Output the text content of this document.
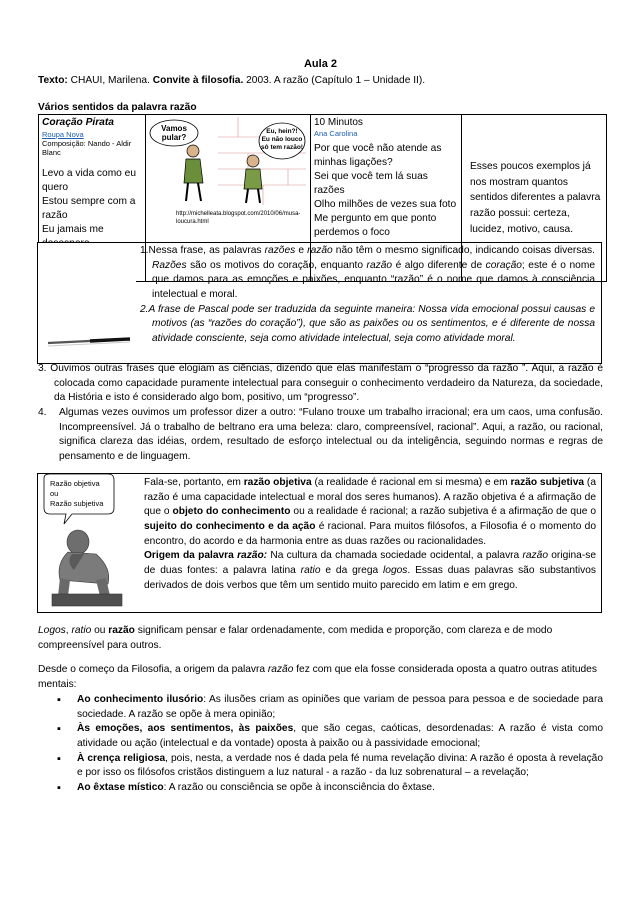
Aula 2
Texto: CHAUI, Marilena. Convite à filosofia. 2003. A razão (Capítulo 1 – Unidade II).
Vários sentidos da palavra razão
Coração Pirata
Roupa Nova
Composição: Nando - Aldir Blanc
Levo a vida como eu quero
Estou sempre com a razão
Eu jamais me

Vamos
pular?
Eu, hein?!
Eu não louco
sô tem razão!
http://michelleata.blogspot.com/2010/06/musa-loucura.html

10 Minutos
Ana Carolina
Por que você não atende as minhas ligações?
Sei que você tem lá suas razões
Olho milhões de vezes sua foto
Me pergunto em que ponto perdemos o foco

Esses poucos exemplos já nos mostram quantos sentidos diferentes a palavra razão possui: certeza, lucidez, motivo, causa.
1.Nessa frase, as palavras razões e razão não têm o mesmo significado, indicando coisas diversas. Razões são os motivos do coração, enquanto razão é algo diferente de coração; este é o nome que damos para as emoções e paixões, enquanto “razão” é o nome que damos à consciência intelectual e moral.
2.A frase de Pascal pode ser traduzida da seguinte maneira: Nossa vida emocional possui causas e motivos (as “razões do coração”), que são as paixões ou os sentimentos, e é diferente de nossa atividade consciente, seja como atividade intelectual, seja como atividade moral.
3. Ouvimos outras frases que elogiam as ciências, dizendo que elas manifestam o “progresso da razão ”. Aqui, a razão é colocada como capacidade puramente intelectual para conseguir o conhecimento verdadeiro da Natureza, da sociedade, da História e isto é considerado algo bom, positivo, um “progresso”.
4. Algumas vezes ouvimos um professor dizer a outro: “Fulano trouxe um trabalho irracional; era um caos, uma confusão. Incompreensível. Já o trabalho de beltrano era uma beleza: claro, compreensível, racional”. Aqui, a razão, ou racional, significa clareza das idéias, ordem, resultado de esforço intelectual ou da inteligência, seguindo normas e regras de pensamento e de linguagem.
Razão objetiva
ou
Razão subjetiva
Fala-se, portanto, em razão objetiva (a realidade é racional em si mesma) e em razão subjetiva (a razão é uma capacidade intelectual e moral dos seres humanos). A razão objetiva é a afirmação de que o objeto do conhecimento ou a realidade é racional; a razão subjetiva é a afirmação de que o sujeito do conhecimento e da ação é racional. Para muitos filósofos, a Filosofia é o momento do encontro, do acordo e da harmonia entre as duas razões ou racionalidades.
Origem da palavra razão: Na cultura da chamada sociedade ocidental, a palavra razão origina-se de duas fontes: a palavra latina ratio e da grega logos. Essas duas palavras são substantivos derivados de dois verbos que têm um sentido muito parecido em latim e em grego.
Logos, ratio ou razão significam pensar e falar ordenadamente, com medida e proporção, com clareza e de modo compreensível para outros.
Desde o começo da Filosofia, a origem da palavra razão fez com que ela fosse considerada oposta a quatro outras atitudes mentais:
▪ Ao conhecimento ilusório: As ilusões criam as opiniões que variam de pessoa para pessoa e de sociedade para sociedade. A razão se opõe à mera opinião;
▪ Às emoções, aos sentimentos, às paixões, que são cegas, caóticas, desordenadas: A razão é vista como atividade ou ação (intelectual e da vontade) oposta à paixão ou à passividade emocional;
▪ À crença religiosa, pois, nesta, a verdade nos é dada pela fé numa revelação divina: A razão é oposta à revelação e por isso os filósofos cristãos distinguem a luz natural - a razão - da luz sobrenatural – a revelação;
▪ Ao êxtase místico: A razão ou consciência se opõe à inconsciência do êxtase.
